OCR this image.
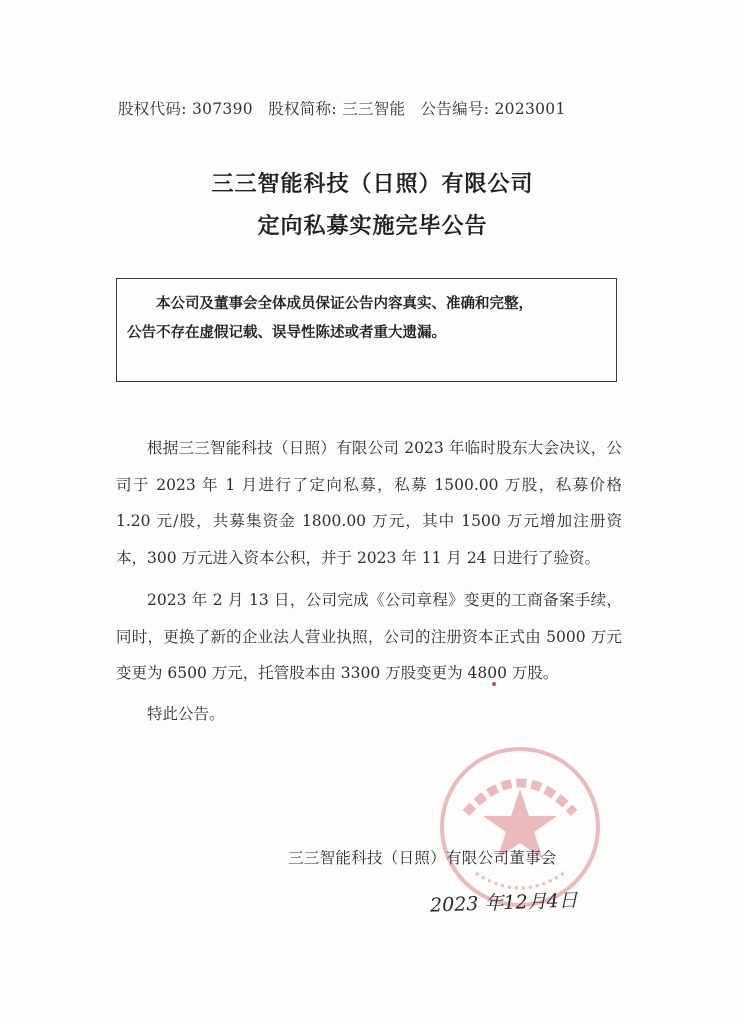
股权代码: 307390 股权简称: 三三智能 公告编号: 2023001
三三智能科技（日照）有限公司
定向私募实施完毕公告

本公司及董事会全体成员保证公告内容真实、准确和完整，

公告不存在虚假记载、误导性陈述或者重大遗漏。

根据三三智能科技（日照）有限公司 2023 年临时股东大会决议，公司于 2023 年 1 月进行了定向私募，私募 1500.00 万股，私募价格 1.20 元/股，共募集资金 1800.00 万元，其中 1500 万元增加注册资本，300 万元进入资本公积，并于 2023 年 11 月 24 日进行了验资。

2023 年 2 月 13 日，公司完成《公司章程》变更的工商备案手续，同时，更换了新的企业法人营业执照，公司的注册资本正式由 5000 万元变更为 6500 万元，托管股本由 3300 万股变更为 4800 万股。

特此公告。

三三智能科技（日照）有限公司董事会
2023 年12月4日
